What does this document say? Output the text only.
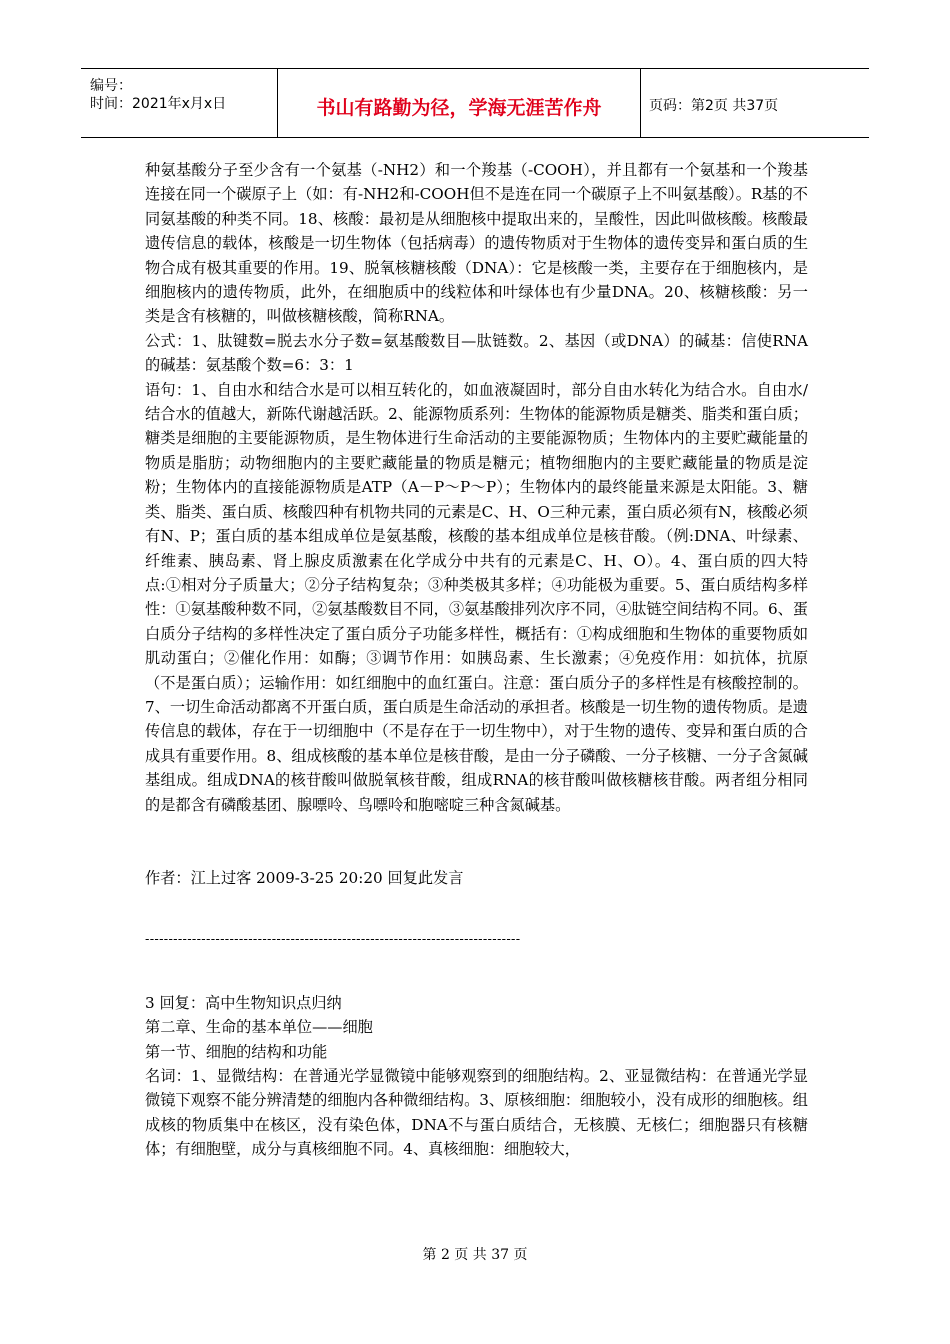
编号：
时间：2021年x月x日	书山有路勤为径，学海无涯苦作舟	页码：第2页 共37页

种氨基酸分子至少含有一个氨基（-NH2）和一个羧基（-COOH），并且都有一个氨基和一个羧基连接在同一个碳原子上（如：有-NH2和-COOH但不是连在同一个碳原子上不叫氨基酸）。R基的不同氨基酸的种类不同。18、核酸：最初是从细胞核中提取出来的，呈酸性，因此叫做核酸。核酸最遗传信息的载体，核酸是一切生物体（包括病毒）的遗传物质对于生物体的遗传变异和蛋白质的生物合成有极其重要的作用。19、脱氧核糖核酸（DNA）：它是核酸一类，主要存在于细胞核内，是细胞核内的遗传物质，此外，在细胞质中的线粒体和叶绿体也有少量DNA。20、核糖核酸：另一类是含有核糖的，叫做核糖核酸，简称RNA。

公式：1、肽键数=脱去水分子数=氨基酸数目—肽链数。2、基因（或DNA）的碱基：信使RNA的碱基：氨基酸个数=6：3：1

语句：1、自由水和结合水是可以相互转化的，如血液凝固时，部分自由水转化为结合水。自由水/结合水的值越大，新陈代谢越活跃。2、能源物质系列：生物体的能源物质是糖类、脂类和蛋白质；糖类是细胞的主要能源物质，是生物体进行生命活动的主要能源物质；生物体内的主要贮藏能量的物质是脂肪；动物细胞内的主要贮藏能量的物质是糖元；植物细胞内的主要贮藏能量的物质是淀粉；生物体内的直接能源物质是ATP（A－P～P～P）；生物体内的最终能量来源是太阳能。3、糖类、脂类、蛋白质、核酸四种有机物共同的元素是C、H、O三种元素，蛋白质必须有N，核酸必须有N、P；蛋白质的基本组成单位是氨基酸，核酸的基本组成单位是核苷酸。（例:DNA、叶绿素、纤维素、胰岛素、肾上腺皮质激素在化学成分中共有的元素是C、H、O）。4、蛋白质的四大特点:①相对分子质量大；②分子结构复杂；③种类极其多样；④功能极为重要。5、蛋白质结构多样性：①氨基酸种数不同，②氨基酸数目不同，③氨基酸排列次序不同，④肽链空间结构不同。6、蛋白质分子结构的多样性决定了蛋白质分子功能多样性，概括有：①构成细胞和生物体的重要物质如肌动蛋白；②催化作用：如酶；③调节作用：如胰岛素、生长激素；④免疫作用：如抗体，抗原（不是蛋白质）；运输作用：如红细胞中的血红蛋白。注意：蛋白质分子的多样性是有核酸控制的。7、一切生命活动都离不开蛋白质，蛋白质是生命活动的承担者。核酸是一切生物的遗传物质。是遗传信息的载体，存在于一切细胞中（不是存在于一切生物中），对于生物的遗传、变异和蛋白质的合成具有重要作用。8、组成核酸的基本单位是核苷酸，是由一分子磷酸、一分子核糖、一分子含氮碱基组成。组成DNA的核苷酸叫做脱氧核苷酸，组成RNA的核苷酸叫做核糖核苷酸。两者组分相同的是都含有磷酸基团、腺嘌呤、鸟嘌呤和胞嘧啶三种含氮碱基。

作者：江上过客 2009-3-25 20:20 回复此发言

--------------------------------------------------------------------------------

3 回复：高中生物知识点归纳

第二章、生命的基本单位——细胞

第一节、细胞的结构和功能

名词：1、显微结构：在普通光学显微镜中能够观察到的细胞结构。2、亚显微结构：在普通光学显微镜下观察不能分辨清楚的细胞内各种微细结构。3、原核细胞：细胞较小，没有成形的细胞核。组成核的物质集中在核区，没有染色体，DNA不与蛋白质结合，无核膜、无核仁；细胞器只有核糖体；有细胞壁，成分与真核细胞不同。4、真核细胞：细胞较大，

第 2 页 共 37 页
